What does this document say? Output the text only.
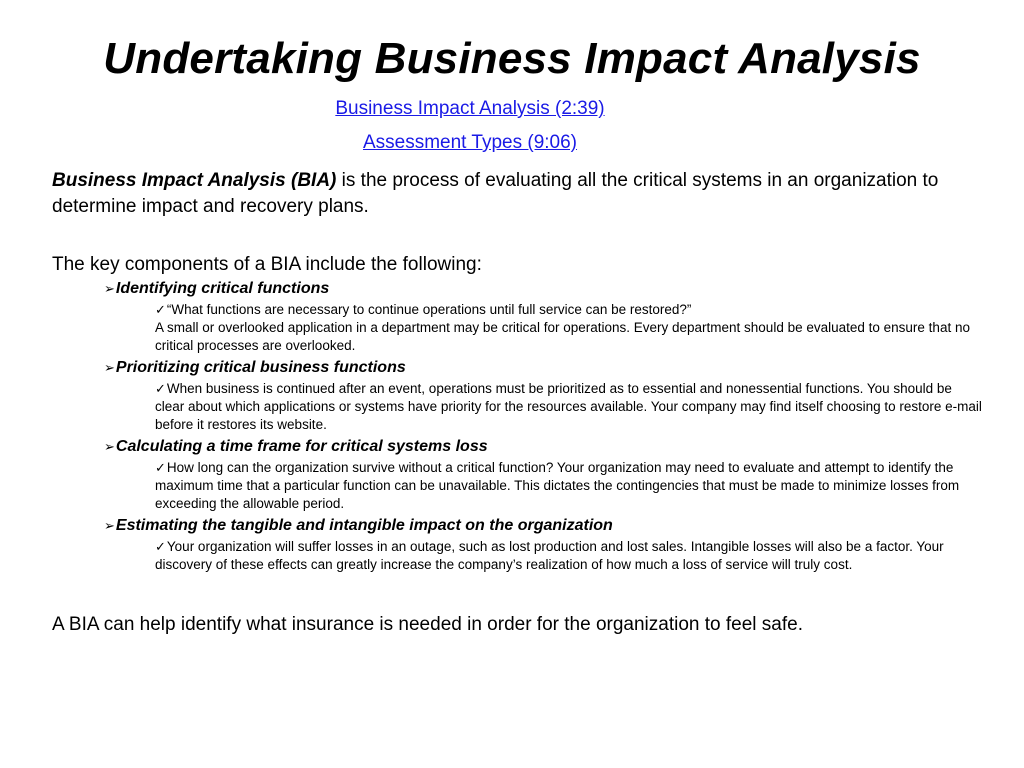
Undertaking Business Impact Analysis
Business Impact Analysis (2:39)
Assessment Types (9:06)

Business Impact Analysis (BIA) is the process of evaluating all the critical systems in an organization to determine impact and recovery plans.

The key components of a BIA include the following:

➢Identifying critical functions
✓“What functions are necessary to continue operations until full service can be restored?”
A small or overlooked application in a department may be critical for operations. Every department should be evaluated to ensure that no critical processes are overlooked.
➢Prioritizing critical business functions
✓When business is continued after an event, operations must be prioritized as to essential and nonessential functions. You should be clear about which applications or systems have priority for the resources available. Your company may find itself choosing to restore e-mail before it restores its website.
➢Calculating a time frame for critical systems loss
✓How long can the organization survive without a critical function? Your organization may need to evaluate and attempt to identify the maximum time that a particular function can be unavailable. This dictates the contingencies that must be made to minimize losses from exceeding the allowable period.
➢Estimating the tangible and intangible impact on the organization
✓Your organization will suffer losses in an outage, such as lost production and lost sales. Intangible losses will also be a factor. Your discovery of these effects can greatly increase the company’s realization of how much a loss of service will truly cost.

A BIA can help identify what insurance is needed in order for the organization to feel safe.
